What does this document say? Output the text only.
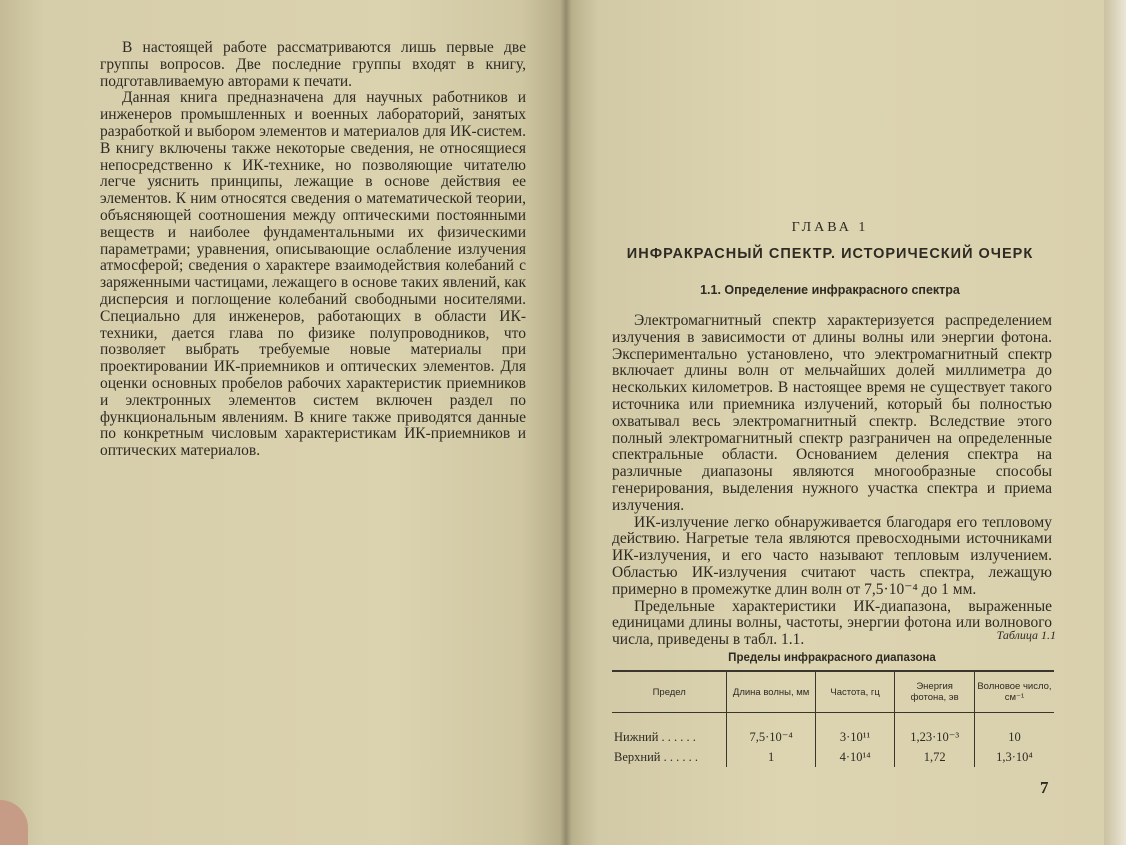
В настоящей работе рассматриваются лишь первые две группы вопросов. Две последние группы входят в книгу, подготавливаемую авторами к печати.

Данная книга предназначена для научных работников и инженеров промышленных и военных лабораторий, занятых разработкой и выбором элементов и материалов для ИК-систем. В книгу включены также некоторые сведения, не относящиеся непосредственно к ИК-технике, но позволяющие читателю легче уяснить принципы, лежащие в основе действия ее элементов. К ним относятся сведения о математической теории, объясняющей соотношения между оптическими постоянными веществ и наиболее фундаментальными их физическими параметрами; уравнения, описывающие ослабление излучения атмосферой; сведения о характере взаимодействия колебаний с заряженными частицами, лежащего в основе таких явлений, как дисперсия и поглощение колебаний свободными носителями. Специально для инженеров, работающих в области ИК-техники, дается глава по физике полупроводников, что позволяет выбрать требуемые новые материалы при проектировании ИК-приемников и оптических элементов. Для оценки основных пробелов рабочих характеристик приемников и электронных элементов систем включен раздел по функциональным явлениям. В книге также приводятся данные по конкретным числовым характеристикам ИК-приемников и оптических материалов.

ГЛАВА 1
ИНФРАКРАСНЫЙ СПЕКТР. ИСТОРИЧЕСКИЙ ОЧЕРК
1.1. Определение инфракрасного спектра

Электромагнитный спектр характеризуется распределением излучения в зависимости от длины волны или энергии фотона. Экспериментально установлено, что электромагнитный спектр включает длины волн от мельчайших долей миллиметра до нескольких километров. В настоящее время не существует такого источника или приемника излучений, который бы полностью охватывал весь электромагнитный спектр. Вследствие этого полный электромагнитный спектр разграничен на определенные спектральные области. Основанием деления спектра на различные диапазоны являются многообразные способы генерирования, выделения нужного участка спектра и приема излучения.

ИК-излучение легко обнаруживается благодаря его тепловому действию. Нагретые тела являются превосходными источниками ИК-излучения, и его часто называют тепловым излучением. Областью ИК-излучения считают часть спектра, лежащую примерно в промежутке длин волн от 7,5·10⁻⁴ до 1 мм.

Предельные характеристики ИК-диапазона, выраженные единицами длины волны, частоты, энергии фотона или волнового числа, приведены в табл. 1.1.	Таблица 1.1
Пределы инфракрасного диапазона
Предел	Длина волны, мм	Частота, гц	Энергия фотона, эв	Волновое число, см⁻¹

Нижний . . . . . .	7,5·10⁻⁴	3·10¹¹	1,23·10⁻³	10
Верхний . . . . . .	1	4·10¹⁴	1,72	1,3·10⁴
7
